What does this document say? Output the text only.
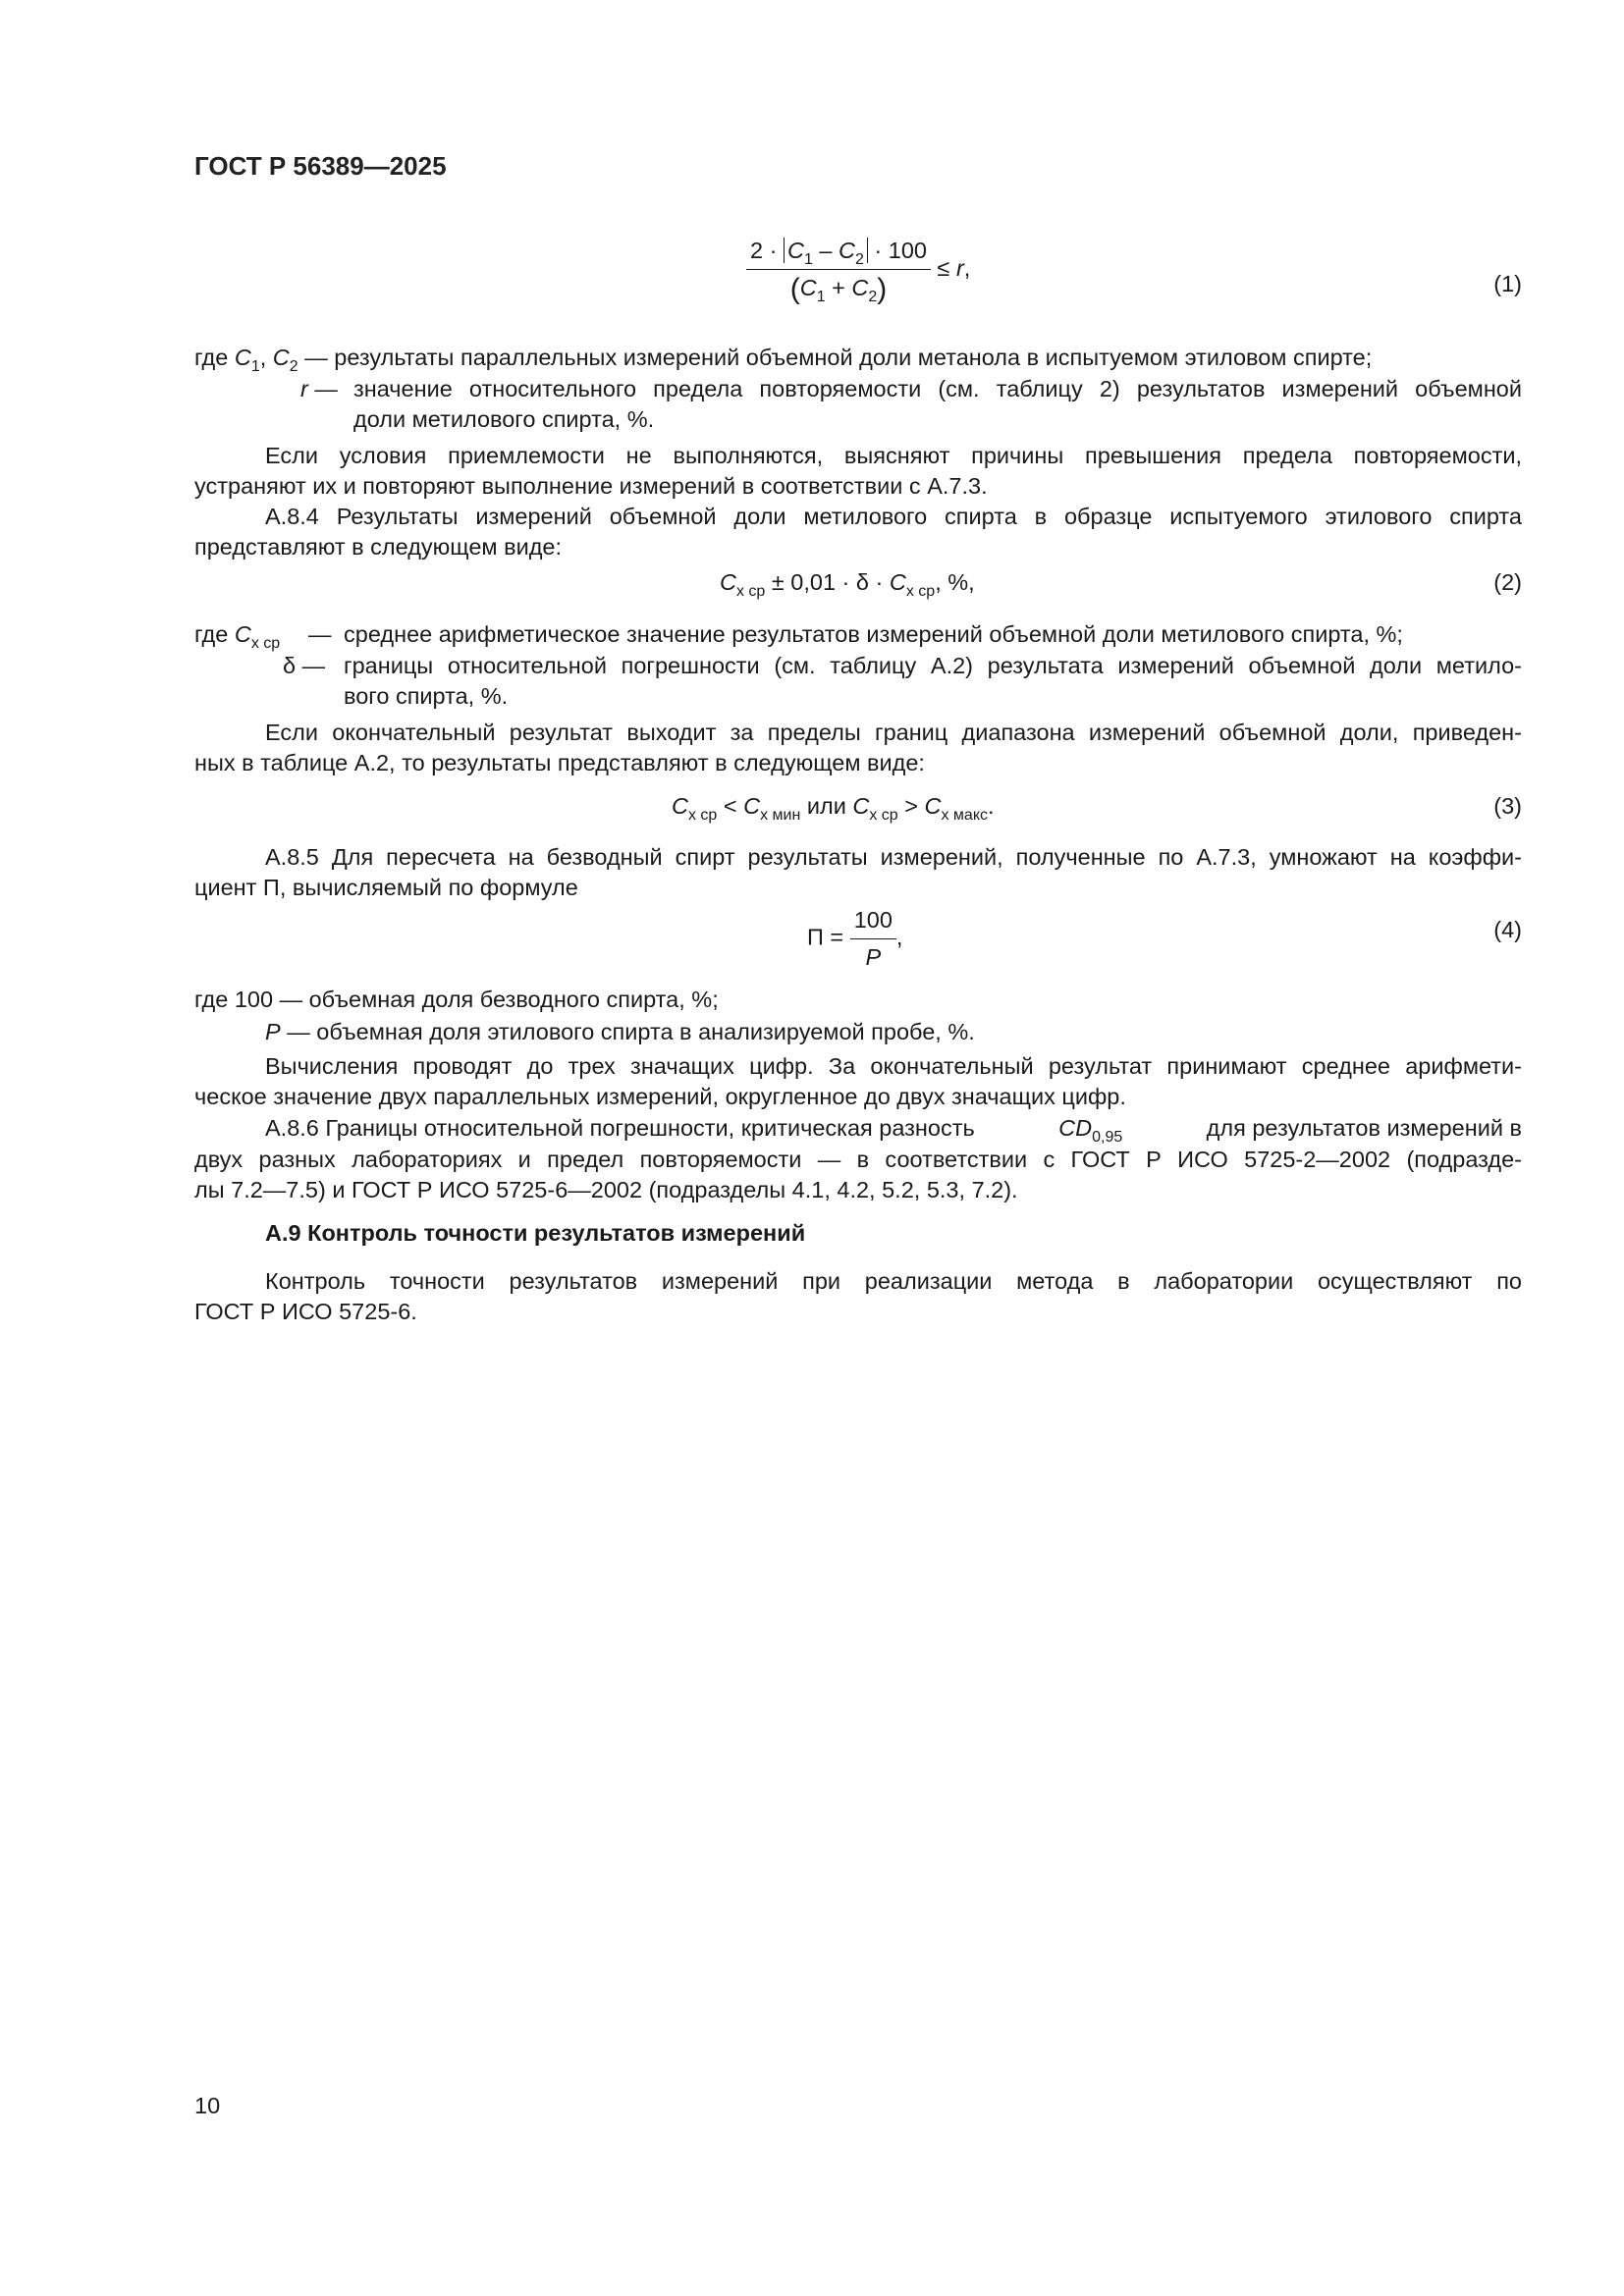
ГОСТ Р 56389—2025
$\frac{2 \cdot C_1 - C_2 \cdot 100}{(C_1 + C_2)} \le r$,
(1)
где $C_1$, $C_2$ — результаты параллельных измерений объемной доли метанола в испытуемом этиловом спирте;
r — значение относительного предела повторяемости (см. таблицу 2) результатов измерений объемной
доли метилового спирта, %.
Если условия приемлемости не выполняются, выясняют причины превышения предела повторяемости,
устраняют их и повторяют выполнение измерений в соответствии с А.7.3.
А.8.4 Результаты измерений объемной доли метилового спирта в образце испытуемого этилового спирта
представляют в следующем виде:
$C_{x ср} \pm 0,01 \cdot \delta \cdot C_{x ср}$, %,	(2)
где $C_{x ср}$ — среднее арифметическое значение результатов измерений объемной доли метилового спирта, %;
δ — границы относительной погрешности (см. таблицу А.2) результата измерений объемной доли метило-
вого спирта, %.
Если окончательный результат выходит за пределы границ диапазона измерений объемной доли, приведен-
ных в таблице А.2, то результаты представляют в следующем виде:
$C_{x ср} < C_{x мин}$ или $C_{x ср} > C_{x макс}$.	(3)
А.8.5 Для пересчета на безводный спирт результаты измерений, полученные по А.7.3, умножают на коэффи-
циент П, вычисляемый по формуле
$П = \frac{100}{P}$ ,	(4)
где 100 — объемная доля безводного спирта, %;
P — объемная доля этилового спирта в анализируемой пробе, %.
Вычисления проводят до трех значащих цифр. За окончательный результат принимают среднее арифмети-
ческое значение двух параллельных измерений, округленное до двух значащих цифр.
А.8.6 Границы относительной погрешности, критическая разность	$CD_{0,95}$	для результатов измерений в
двух разных лабораториях и предел повторяемости — в соответствии с ГОСТ Р ИСО 5725-2—2002 (подразде-
лы 7.2—7.5) и ГОСТ Р ИСО 5725-6—2002 (подразделы 4.1, 4.2, 5.2, 5.3, 7.2).
А.9 Контроль точности результатов измерений
Контроль точности результатов измерений при реализации метода в лаборатории осуществляют по
ГОСТ Р ИСО 5725-6.
10
